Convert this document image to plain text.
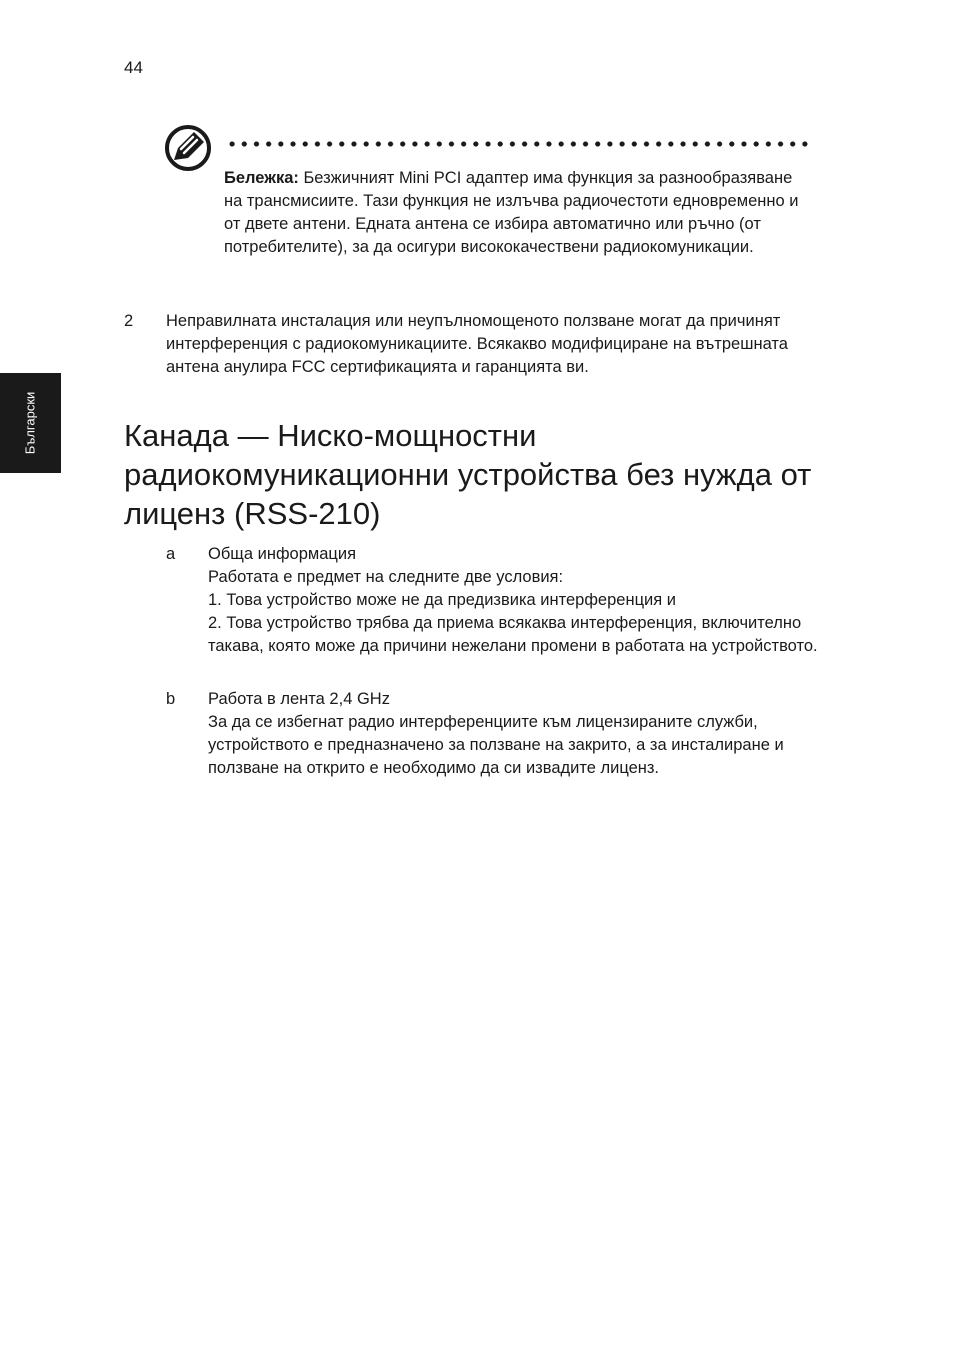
44
Български

Бележка: Безжичният Mini PCI адаптер има функция за разнообразяване на трансмисиите. Тази функция не излъчва радиочестоти едновременно и от двете антени. Едната антена се избира автоматично или ръчно (от потребителите), за да осигури висококачествени радиокомуникации.

2 Неправилната инсталация или неупълномощеното ползване могат да причинят интерференция с радиокомуникациите. Всякакво модифициране на вътрешната антена анулира FCC сертификацията и гаранцията ви.

Канада — Ниско-мощностни радиокомуникационни устройства без нужда от лиценз (RSS-210)
a Обща информация
Работата е предмет на следните две условия:
1. Това устройство може не да предизвика интерференция и
2. Това устройство трябва да приема всякаква интерференция, включително такава, която може да причини нежелани промени в работата на устройството.
b Работа в лента 2,4 GHz
За да се избегнат радио интерференциите към лицензираните служби, устройството е предназначено за ползване на закрито, а за инсталиране и ползване на открито е необходимо да си извадите лиценз.
